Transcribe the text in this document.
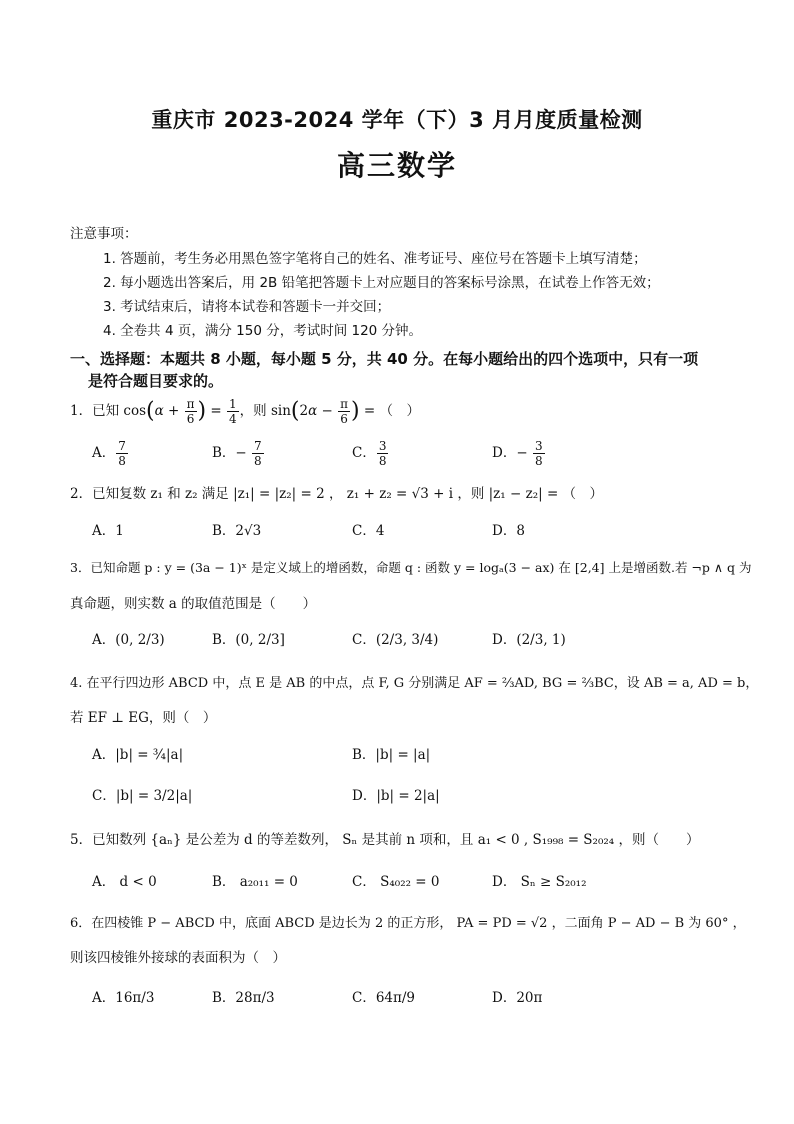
重庆市 2023-2024 学年（下）3 月月度质量检测
高三数学
注意事项：
1. 答题前，考生务必用黑色签字笔将自己的姓名、准考证号、座位号在答题卡上填写清楚；
2. 每小题选出答案后，用 2B 铅笔把答题卡上对应题目的答案标号涂黑，在试卷上作答无效；
3. 考试结束后，请将本试卷和答题卡一并交回；
4. 全卷共 4 页，满分 150 分，考试时间 120 分钟。
一、选择题：本题共 8 小题，每小题 5 分，共 40 分。在每小题给出的四个选项中，只有一项
是符合题目要求的。
1．已知 $\cos(\alpha + \frac{\pi}{6}$ ) = $\frac{1}{4}$ ，则 $\sin(2\alpha - \frac{\pi}{6}$ ) = （　）
A． $\frac{7}{8}$	B．− $\frac{7}{8}$	C． $\frac{3}{8}$	D．− $\frac{3}{8}$
2．已知复数 z₁ 和 z₂ 满足 |z₁| = |z₂| = 2 ， z₁ + z₂ = √3 + i ，则 |z₁ − z₂| = （　）
A．1	B．2√3	C．4	D．8
3．已知命题 p : y = (3a − 1)ˣ 是定义域上的增函数，命题 q : 函数 y = logₐ(3 − ax) 在 [2,4] 上是增函数.若 ¬p ∧ q 为
真命题，则实数 a 的取值范围是（　　）
A．(0, 2/3)	B．(0, 2/3]	C．(2/3, 3/4)	D．(2/3, 1)
4. 在平行四边形 ABCD 中，点 E 是 AB 的中点，点 F, G 分别满足 AF = ⅔AD, BG = ⅔BC，设 AB = a, AD = b，
若 EF ⊥ EG，则（　）
A．|b| = ¾|a|	B．|b| = |a|
C．|b| = 3/2|a|	D．|b| = 2|a|
5．已知数列 {aₙ} 是公差为 d 的等差数列， Sₙ 是其前 n 项和，且 a₁ < 0 , S₁₉₉₈ = S₂₀₂₄ ，则（　　）
A． d < 0	B． a₂₀₁₁ = 0	C． S₄₀₂₂ = 0	D． Sₙ ≥ S₂₀₁₂
6．在四棱锥 P − ABCD 中，底面 ABCD 是边长为 2 的正方形， PA = PD = √2 ，二面角 P − AD − B 为 60° ，
则该四棱锥外接球的表面积为（　）
A．16π/3	B．28π/3	C．64π/9	D．20π
